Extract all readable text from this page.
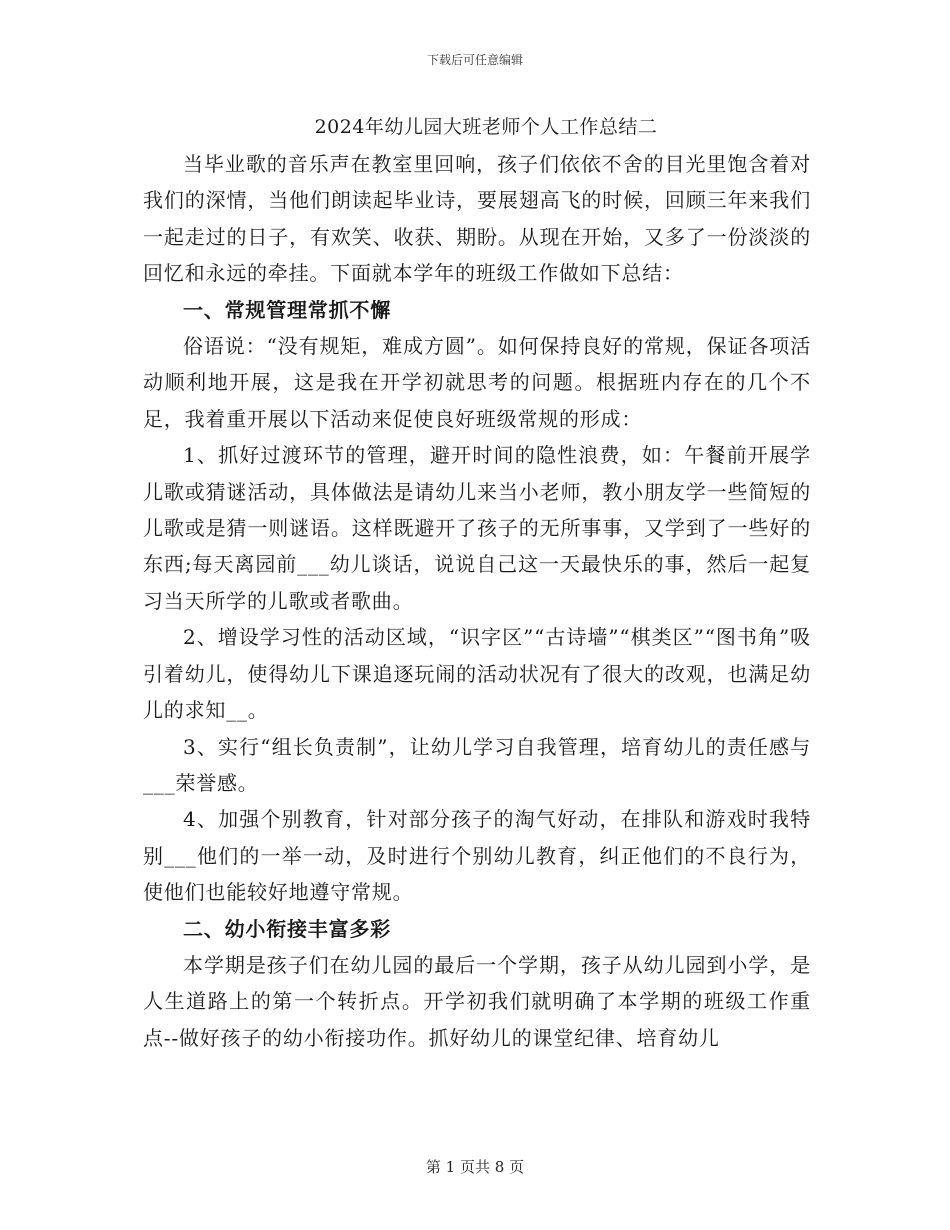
下载后可任意编辑
2024年幼儿园大班老师个人工作总结二

当毕业歌的音乐声在教室里回响，孩子们依依不舍的目光里饱含着对我们的深情，当他们朗读起毕业诗，要展翅高飞的时候，回顾三年来我们一起走过的日子，有欢笑、收获、期盼。从现在开始，又多了一份淡淡的回忆和永远的牵挂。下面就本学年的班级工作做如下总结：

一、常规管理常抓不懈

俗语说：“没有规矩，难成方圆”。如何保持良好的常规，保证各项活动顺利地开展，这是我在开学初就思考的问题。根据班内存在的几个不足，我着重开展以下活动来促使良好班级常规的形成：

1、抓好过渡环节的管理，避开时间的隐性浪费，如：午餐前开展学儿歌或猜谜活动，具体做法是请幼儿来当小老师，教小朋友学一些简短的儿歌或是猜一则谜语。这样既避开了孩子的无所事事，又学到了一些好的东西;每天离园前___幼儿谈话，说说自己这一天最快乐的事，然后一起复习当天所学的儿歌或者歌曲。

2、增设学习性的活动区域，“识字区”“古诗墙”“棋类区”“图书角”吸引着幼儿，使得幼儿下课追逐玩闹的活动状况有了很大的改观，也满足幼儿的求知__。

3、实行“组长负责制”，让幼儿学习自我管理，培育幼儿的责任感与___荣誉感。

4、加强个别教育，针对部分孩子的淘气好动，在排队和游戏时我特别___他们的一举一动，及时进行个别幼儿教育，纠正他们的不良行为，使他们也能较好地遵守常规。

二、幼小衔接丰富多彩

本学期是孩子们在幼儿园的最后一个学期，孩子从幼儿园到小学，是人生道路上的第一个转折点。开学初我们就明确了本学期的班级工作重点--做好孩子的幼小衔接功作。抓好幼儿的课堂纪律、培育幼儿

第 1 页共 8 页
